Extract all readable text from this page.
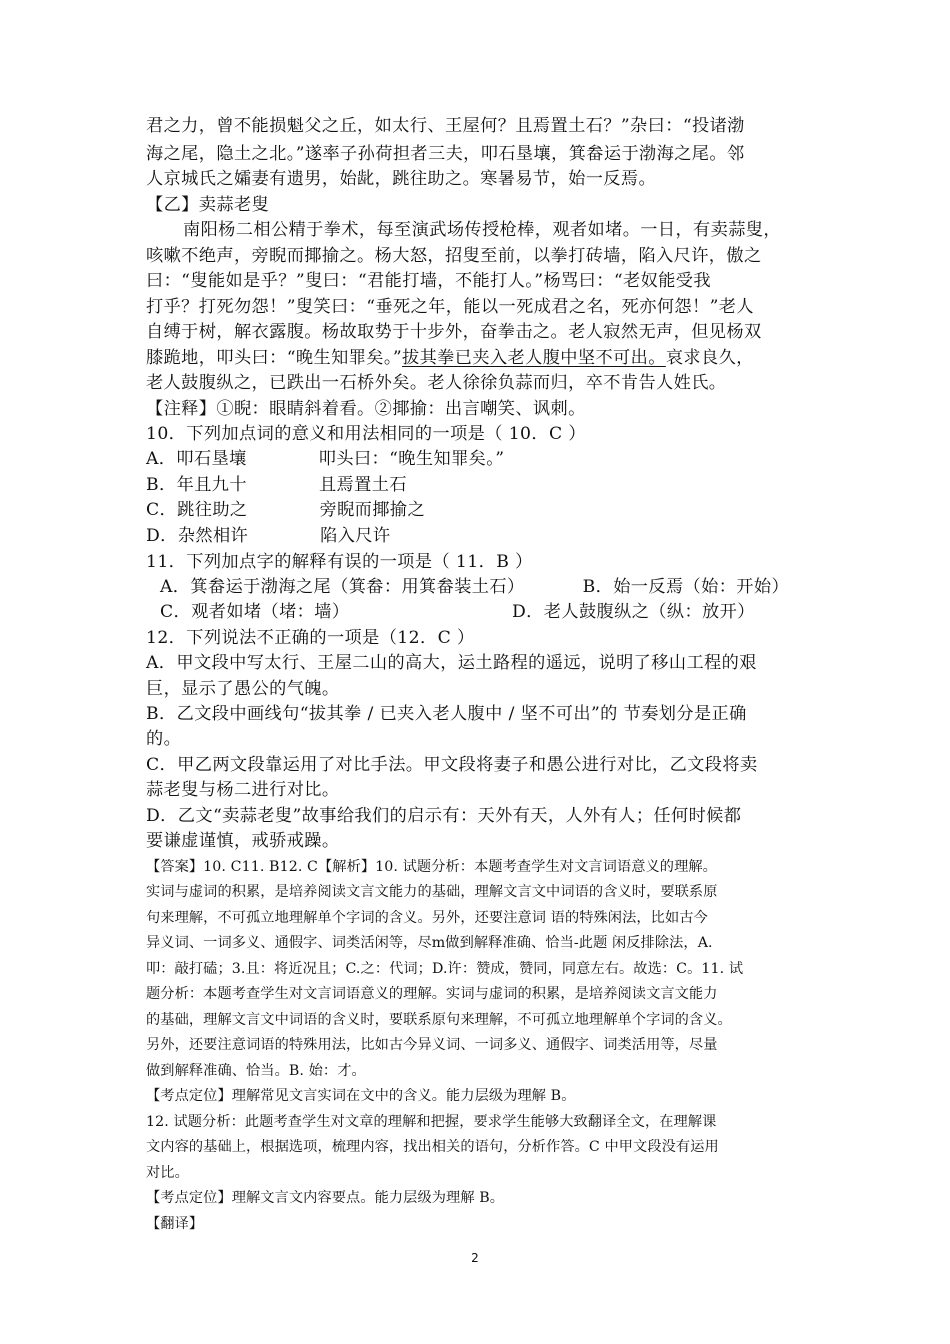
君之力，曾不能损魁父之丘，如太行、王屋何？且焉置土石？”杂曰：“投诸渤
海之尾，隐土之北。”遂率子孙荷担者三夫，叩石垦壤，箕畚运于渤海之尾。邻
人京城氏之孀妻有遗男，始龀，跳往助之。寒暑易节，始一反焉。
【乙】卖蒜老叟
南阳杨二相公精于拳术，每至演武场传授枪棒，观者如堵。一日，有卖蒜叟，
咳嗽不绝声，旁睨而揶揄之。杨大怒，招叟至前，以拳打砖墙，陷入尺许，傲之
曰：“叟能如是乎？”叟曰：“君能打墙，不能打人。”杨骂曰：“老奴能受我
打乎？打死勿怨！”叟笑曰：“垂死之年，能以一死成君之名，死亦何怨！”老人
自缚于树，解衣露腹。杨故取势于十步外，奋拳击之。老人寂然无声，但见杨双
膝跪地，叩头曰：“晚生知罪矣。”拔其拳已夹入老人腹中坚不可出。哀求良久，
老人鼓腹纵之，已跌出一石桥外矣。老人徐徐负蒜而归，卒不肯告人姓氏。
【注释】①睨：眼睛斜着看。②揶揄：出言嘲笑、讽刺。
10．下列加点词的意义和用法相同的一项是（ 10．C ）
A．叩石垦壤	叩头曰：“晚生知罪矣。”
B．年且九十	且焉置土石
C．跳往助之	旁睨而揶揄之
D．杂然相许	陷入尺许
11．下列加点字的解释有误的一项是（ 11．B ）
A．箕畚运于渤海之尾（箕畚：用箕畚装土石）	B．始一反焉（始：开始）
C．观者如堵（堵：墙）	D．老人鼓腹纵之（纵：放开）
12．下列说法不正确的一项是（12．C ）
A．甲文段中写太行、王屋二山的高大，运土路程的遥远，说明了移山工程的艰
巨，显示了愚公的气魄。
B．乙文段中画线句“拔其拳 / 已夹入老人腹中 / 坚不可出”的 节奏划分是正确
的。
C．甲乙两文段靠运用了对比手法。甲文段将妻子和愚公进行对比，乙文段将卖
蒜老叟与杨二进行对比。
D．乙文“卖蒜老叟”故事给我们的启示有：天外有天，人外有人；任何时候都
要谦虚谨慎，戒骄戒躁。
【答案】10. C11. B12. C【解析】10. 试题分析：本题考查学生对文言词语意义的理解。
实词与虚词的积累，是培养阅读文言文能力的基础，理解文言文中词语的含义时，要联系原
句来理解，不可孤立地理解单个字词的含义。另外，还要注意词 语的特殊闲法，比如古今
异义词、一词多义、通假字、词类活闲等，尽m做到解释准确、恰当-此题 闲反排除法，A.
叩：敲打磕；3.且：将近况且；C.之：代词；D.许：赞成，赞同，同意左右。故选：C。11. 试
题分析：本题考查学生对文言词语意义的理解。实词与虚词的积累，是培养阅读文言文能力
的基础，理解文言文中词语的含义时，要联系原句来理解，不可孤立地理解单个字词的含义。
另外，还要注意词语的特殊用法，比如古今异义词、一词多义、通假字、词类活用等，尽量
做到解释准确、恰当。B. 始：才。
【考点定位】理解常见文言实词在文中的含义。能力层级为理解 B。
12. 试题分析：此题考查学生对文章的理解和把握，要求学生能够大致翻译全文，在理解课
文内容的基础上，根据选项，梳理内容，找出相关的语句，分析作答。C 中甲文段没有运用
对比。
【考点定位】理解文言文内容要点。能力层级为理解 B。
【翻译】
2
